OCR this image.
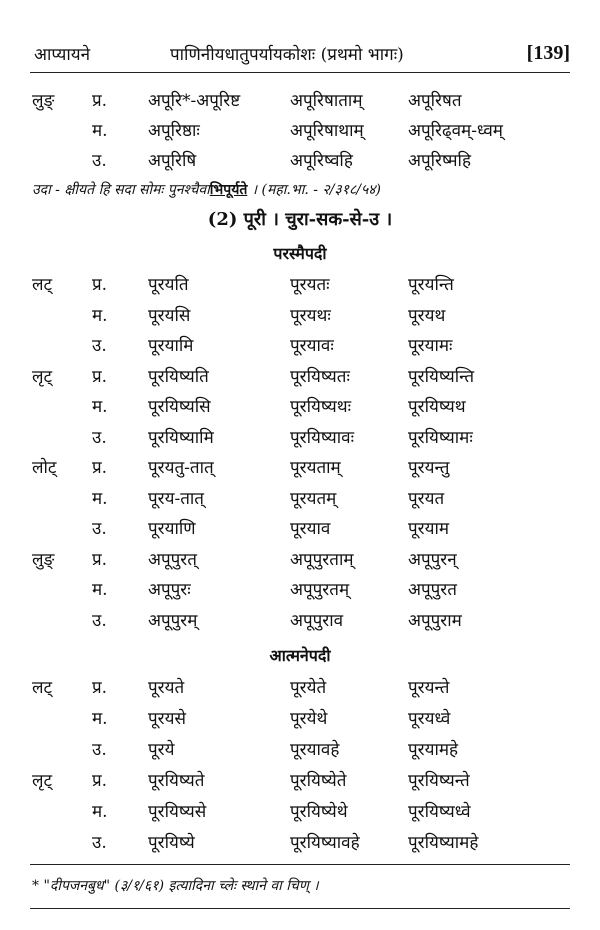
आप्यायने	पाणिनीयधातुपर्यायकोशः (प्रथमो भागः)	[139]
लुङ् प्र. अपूरि*-अपूरिष्ट	अपूरिषाताम्	अपूरिषत
म. अपूरिष्ठाः	अपूरिषाथाम्	अपूरिढ्वम्-ध्वम्
उ. अपूरिषि	अपूरिष्वहि	अपूरिष्महि
उदा - क्षीयते हि सदा सोमः पुनश्चैवाभिपूर्यते । (महा.भा. - २/३१८/५४)
(2) पूरी । चुरा-सक-से-उ ।
परस्मैपदी
लट् प्र. पूरयति	पूरयतः	पूरयन्ति
म. पूरयसि	पूरयथः	पूरयथ
उ. पूरयामि	पूरयावः	पूरयामः
लृट् प्र. पूरयिष्यति	पूरयिष्यतः	पूरयिष्यन्ति
म. पूरयिष्यसि	पूरयिष्यथः	पूरयिष्यथ
उ. पूरयिष्यामि	पूरयिष्यावः	पूरयिष्यामः
लोट् प्र. पूरयतु-तात्	पूरयताम्	पूरयन्तु
म. पूरय-तात्	पूरयतम्	पूरयत
उ. पूरयाणि	पूरयाव	पूरयाम
लुङ् प्र. अपूपुरत्	अपूपुरताम्	अपूपुरन्
म. अपूपुरः	अपूपुरतम्	अपूपुरत
उ. अपूपुरम्	अपूपुराव	अपूपुराम
आत्मनेपदी
लट् प्र. पूरयते	पूरयेते	पूरयन्ते
म. पूरयसे	पूरयेथे	पूरयध्वे
उ. पूरये	पूरयावहे	पूरयामहे
लृट् प्र. पूरयिष्यते	पूरयिष्येते	पूरयिष्यन्ते
म. पूरयिष्यसे	पूरयिष्येथे	पूरयिष्यध्वे
उ. पूरयिष्ये	पूरयिष्यावहे	पूरयिष्यामहे
* "दीपजनबुध" (३/१/६१) इत्यादिना च्लेः स्थाने वा चिण् ।
